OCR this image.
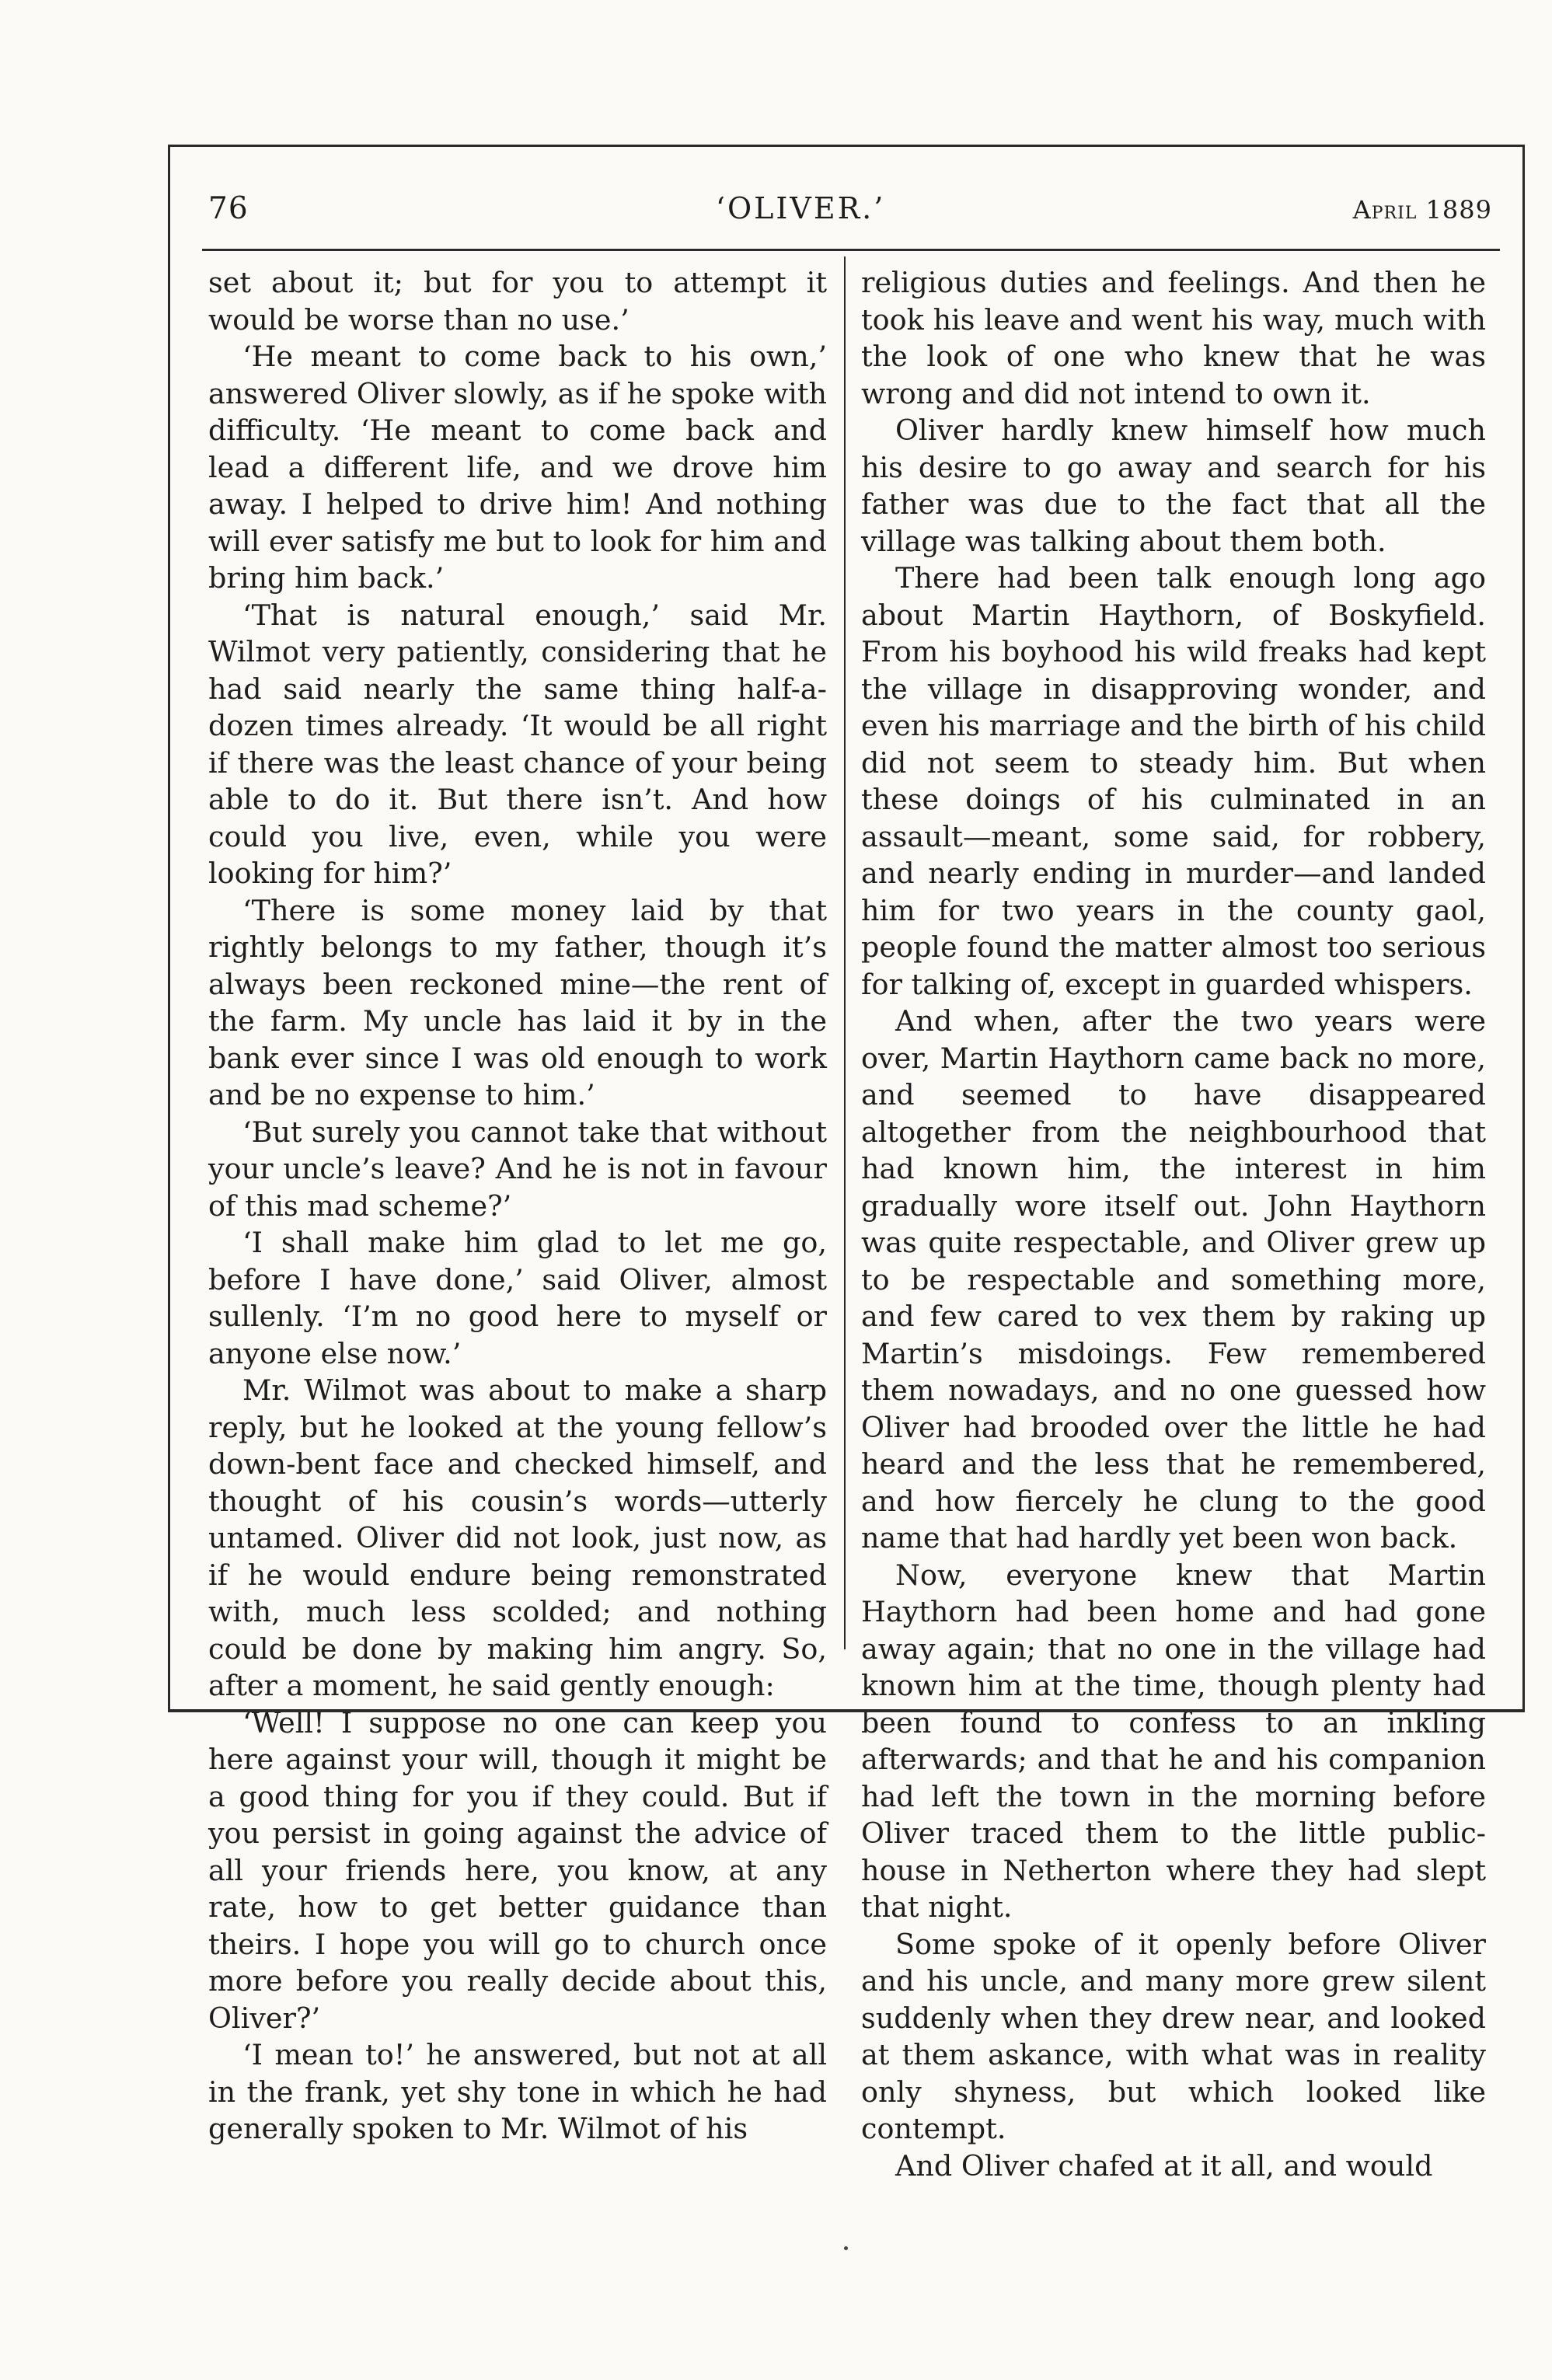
76	‘OLIVER.’	April 1889

set about it; but for you to attempt it would be worse than no use.’

‘He meant to come back to his own,’ answered Oliver slowly, as if he spoke with difficulty. ‘He meant to come back and lead a different life, and we drove him away. I helped to drive him! And nothing will ever satisfy me but to look for him and bring him back.’

‘That is natural enough,’ said Mr. Wilmot very patiently, considering that he had said nearly the same thing half-a-dozen times already. ‘It would be all right if there was the least chance of your being able to do it. But there isn’t. And how could you live, even, while you were looking for him?’

‘There is some money laid by that rightly belongs to my father, though it’s always been reckoned mine—the rent of the farm. My uncle has laid it by in the bank ever since I was old enough to work and be no expense to him.’

‘But surely you cannot take that without your uncle’s leave? And he is not in favour of this mad scheme?’

‘I shall make him glad to let me go, before I have done,’ said Oliver, almost sullenly. ‘I’m no good here to myself or anyone else now.’

Mr. Wilmot was about to make a sharp reply, but he looked at the young fellow’s down-bent face and checked himself, and thought of his cousin’s words—utterly untamed. Oliver did not look, just now, as if he would endure being remonstrated with, much less scolded; and nothing could be done by making him angry. So, after a moment, he said gently enough:

‘Well! I suppose no one can keep you here against your will, though it might be a good thing for you if they could. But if you persist in going against the advice of all your friends here, you know, at any rate, how to get better guidance than theirs. I hope you will go to church once more before you really decide about this, Oliver?’

‘I mean to!’ he answered, but not at all in the frank, yet shy tone in which he had generally spoken to Mr. Wilmot of his

religious duties and feelings. And then he took his leave and went his way, much with the look of one who knew that he was wrong and did not intend to own it.

Oliver hardly knew himself how much his desire to go away and search for his father was due to the fact that all the village was talking about them both.

There had been talk enough long ago about Martin Haythorn, of Boskyfield. From his boyhood his wild freaks had kept the village in disapproving wonder, and even his marriage and the birth of his child did not seem to steady him. But when these doings of his culminated in an assault—meant, some said, for robbery, and nearly ending in murder—and landed him for two years in the county gaol, people found the matter almost too serious for talking of, except in guarded whispers.

And when, after the two years were over, Martin Haythorn came back no more, and seemed to have disappeared altogether from the neighbourhood that had known him, the interest in him gradually wore itself out. John Haythorn was quite respectable, and Oliver grew up to be respectable and something more, and few cared to vex them by raking up Martin’s misdoings. Few remembered them nowadays, and no one guessed how Oliver had brooded over the little he had heard and the less that he remembered, and how fiercely he clung to the good name that had hardly yet been won back.

Now, everyone knew that Martin Haythorn had been home and had gone away again; that no one in the village had known him at the time, though plenty had been found to confess to an inkling afterwards; and that he and his companion had left the town in the morning before Oliver traced them to the little public-house in Netherton where they had slept that night.

Some spoke of it openly before Oliver and his uncle, and many more grew silent suddenly when they drew near, and looked at them askance, with what was in reality only shyness, but which looked like contempt.

And Oliver chafed at it all, and would
